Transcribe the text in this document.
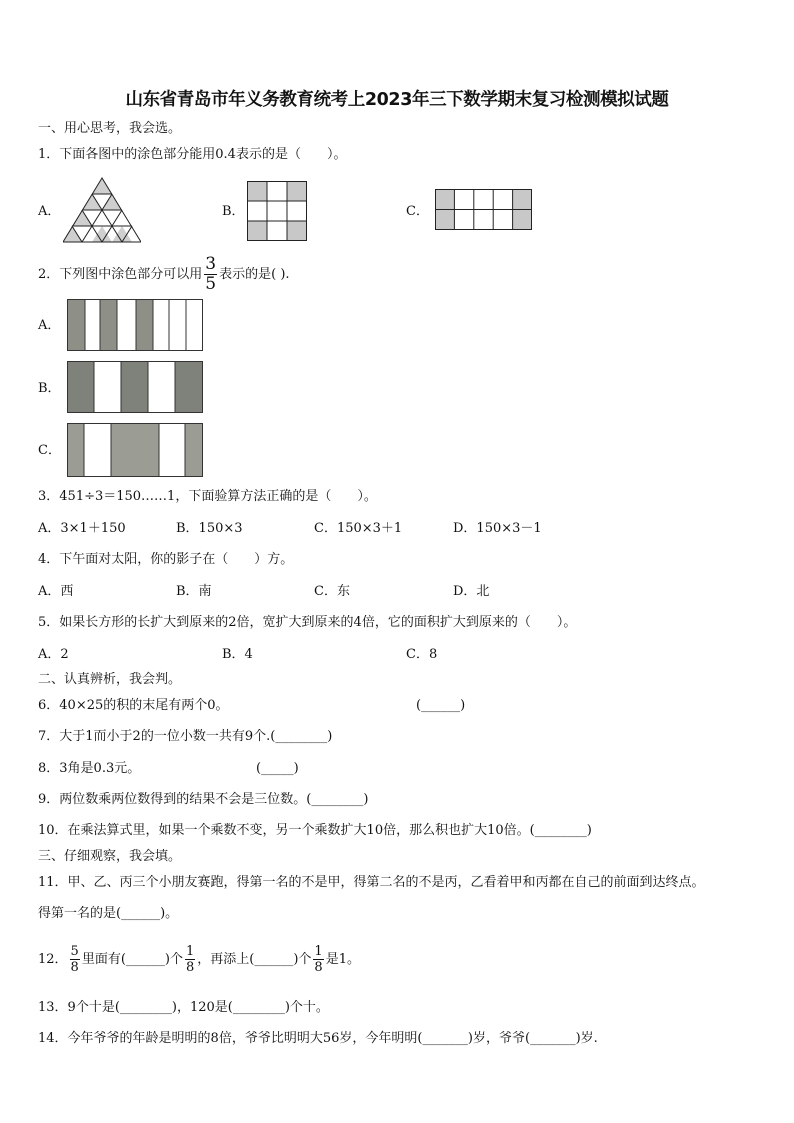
山东省青岛市年义务教育统考上2023年三下数学期末复习检测模拟试题
一、用心思考，我会选。
1．下面各图中的涂色部分能用0.4表示的是（　　）。
A．	B．	C．
2．下列图中涂色部分可以用 $\frac{3}{5}$ 表示的是( ).
A．
B．
C．
3．451÷3＝150……1，下面验算方法正确的是（　　）。
A．3×1＋150	B．150×3	C．150×3＋1	D．150×3－1
4．下午面对太阳，你的影子在（　　）方。
A．西	B．南	C．东	D．北
5．如果长方形的长扩大到原来的2倍，宽扩大到原来的4倍，它的面积扩大到原来的（　　）。
A．2	B．4	C．8
二、认真辨析，我会判。
6．40×25的积的末尾有两个0。	(______)
7．大于1而小于2的一位小数一共有9个.(________)
8．3角是0.3元。	(_____)
9．两位数乘两位数得到的结果不会是三位数。(________)
10．在乘法算式里，如果一个乘数不变，另一个乘数扩大10倍，那么积也扩大10倍。(________)
三、仔细观察，我会填。
11．甲、乙、丙三个小朋友赛跑，得第一名的不是甲，得第二名的不是丙，乙看着甲和丙都在自己的前面到达终点。
得第一名的是(______)。
12． $\frac{5}{8}$ 里面有(______)个 $\frac{1}{8}$ ，再添上(______)个 $\frac{1}{8}$ 是1。
13．9个十是(________)，120是(________)个十。
14．今年爷爷的年龄是明明的8倍，爷爷比明明大56岁，今年明明(_______)岁，爷爷(_______)岁.
